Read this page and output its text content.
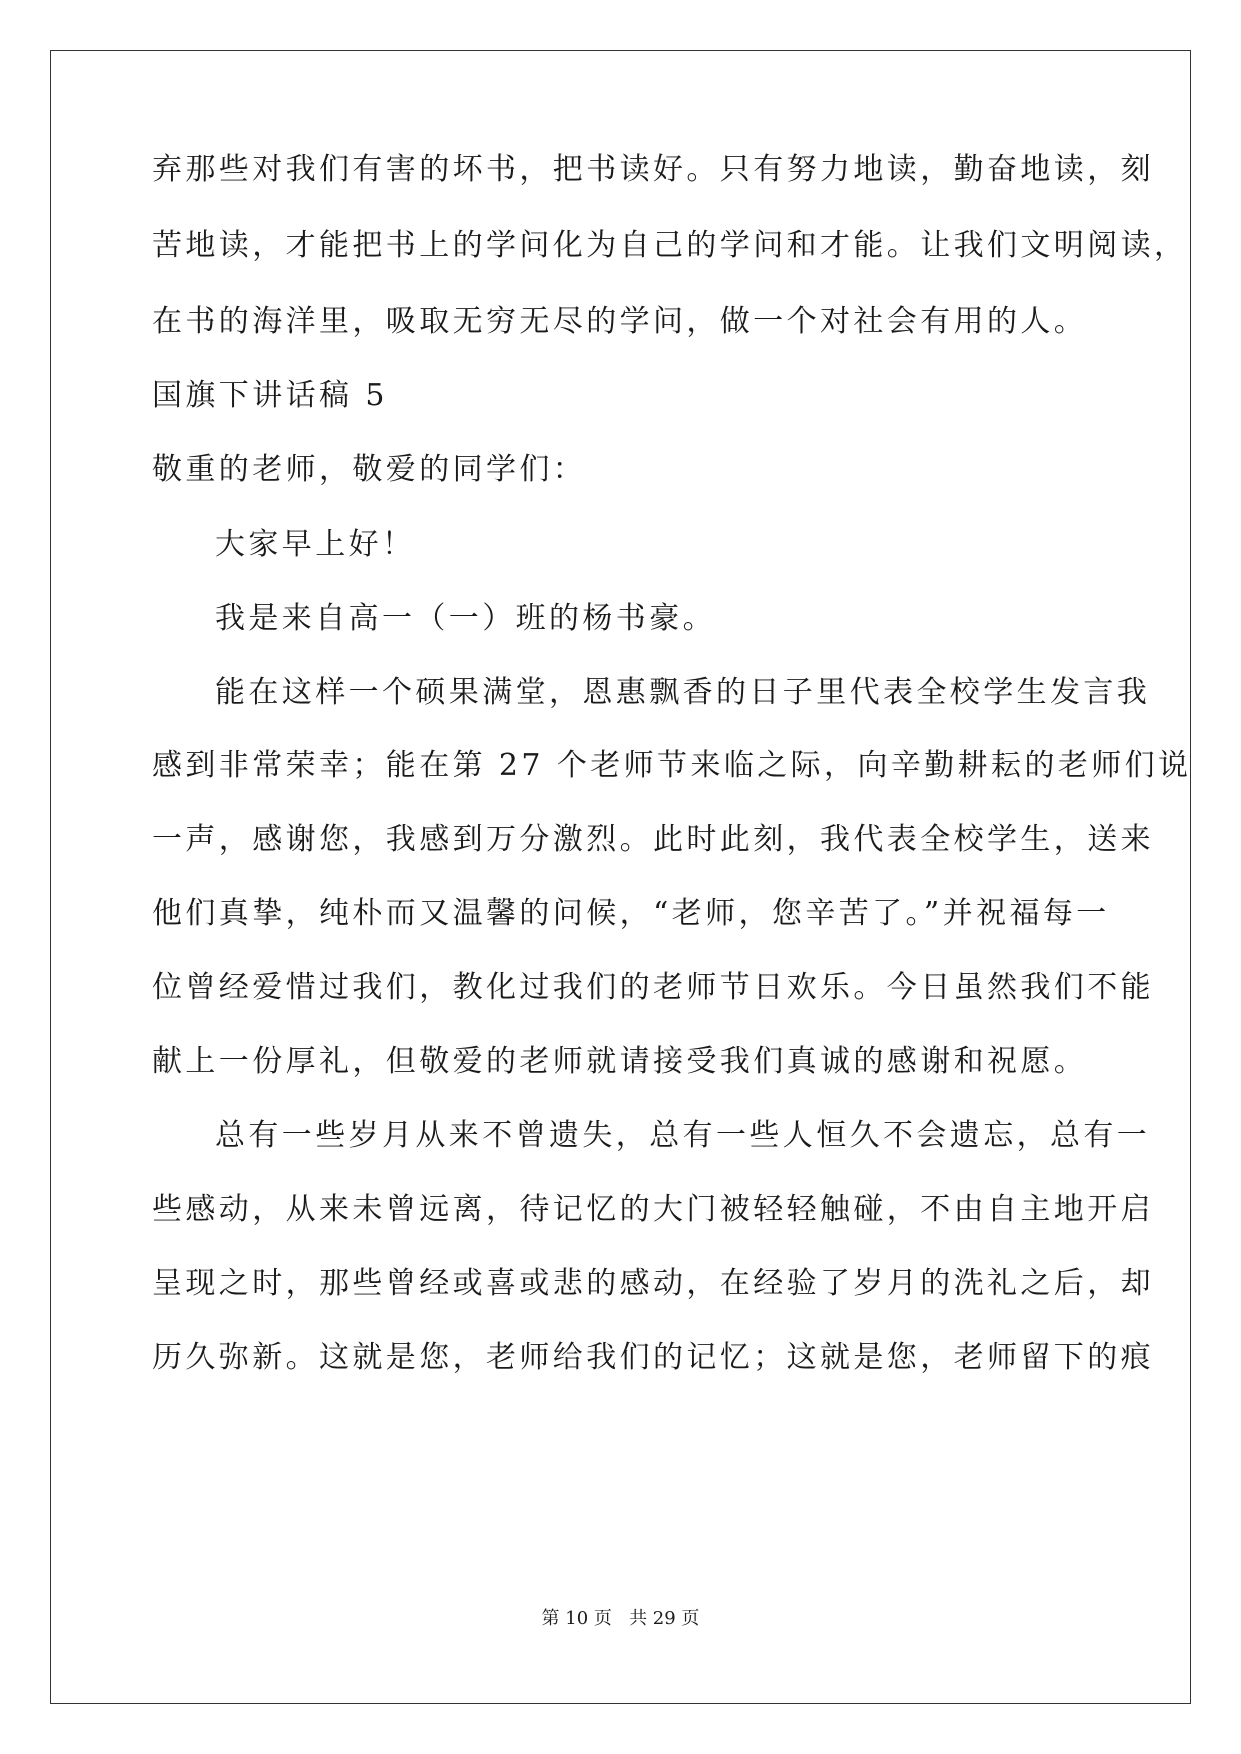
弃那些对我们有害的坏书，把书读好。只有努力地读，勤奋地读，刻
苦地读，才能把书上的学问化为自己的学问和才能。让我们文明阅读，
在书的海洋里，吸取无穷无尽的学问，做一个对社会有用的人。
国旗下讲话稿 5
敬重的老师，敬爱的同学们：
大家早上好！
我是来自高一（一）班的杨书豪。
能在这样一个硕果满堂，恩惠飘香的日子里代表全校学生发言我
感到非常荣幸；能在第 27 个老师节来临之际，向辛勤耕耘的老师们说
一声，感谢您，我感到万分激烈。此时此刻，我代表全校学生，送来
他们真挚，纯朴而又温馨的问候，“老师，您辛苦了。”并祝福每一
位曾经爱惜过我们，教化过我们的老师节日欢乐。今日虽然我们不能
献上一份厚礼，但敬爱的老师就请接受我们真诚的感谢和祝愿。
总有一些岁月从来不曾遗失，总有一些人恒久不会遗忘，总有一
些感动，从来未曾远离，待记忆的大门被轻轻触碰，不由自主地开启
呈现之时，那些曾经或喜或悲的感动，在经验了岁月的洗礼之后，却
历久弥新。这就是您，老师给我们的记忆；这就是您，老师留下的痕
第 10 页 共 29 页
